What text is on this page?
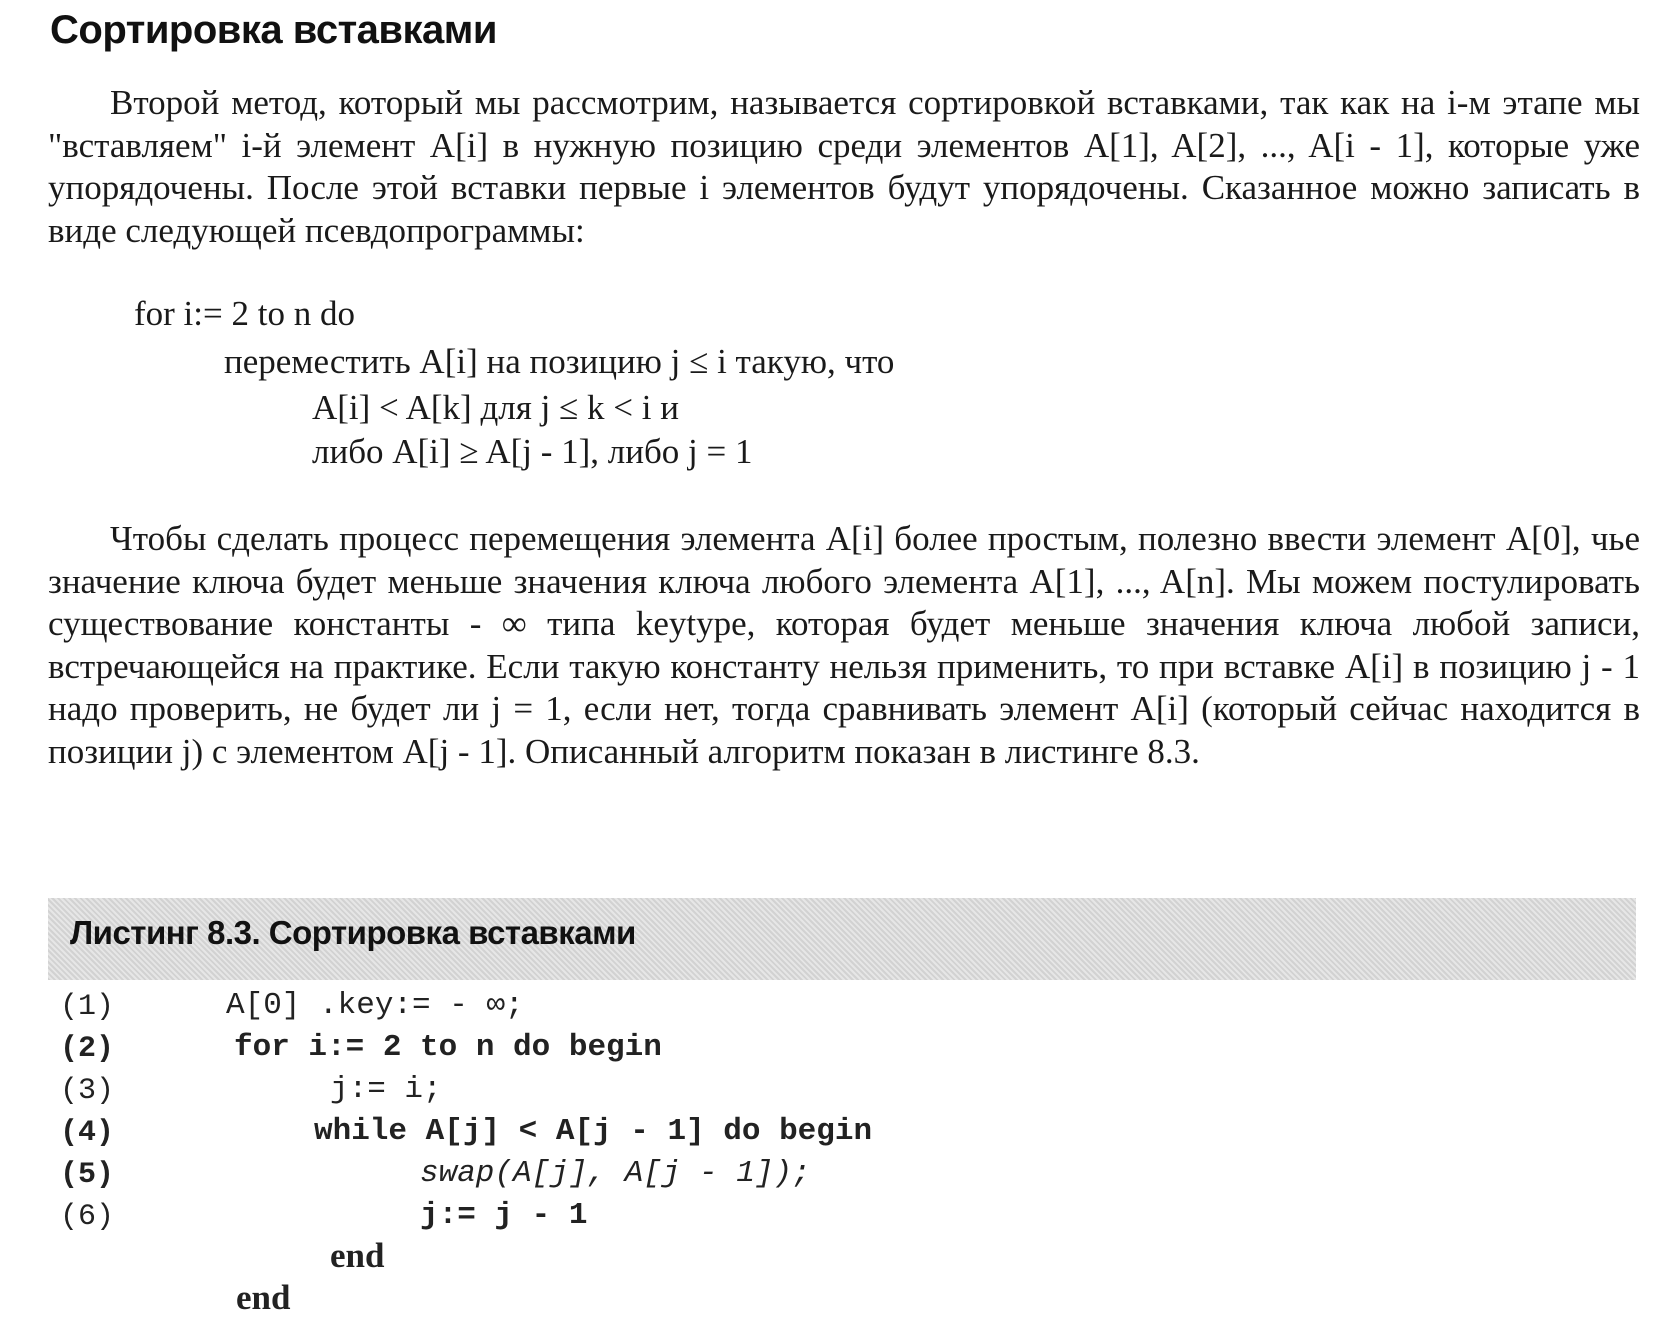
Сортировка вставками

Второй метод, который мы рассмотрим, называется сортировкой вставками, так как на i-м этапе мы "вставляем" i-й элемент A[i] в нужную позицию среди элементов A[1], A[2], ..., A[i - 1], которые уже упорядочены. После этой вставки первые i элементов будут упорядочены. Сказанное можно записать в виде следующей псевдопрограммы:

for i:= 2 to n do
переместить A[i] на позицию j ≤ i такую, что
A[i] < A[k] для j ≤ k < i и
либо A[i] ≥ A[j - 1], либо j = 1

Чтобы сделать процесс перемещения элемента A[i] более простым, полезно ввести элемент A[0], чье значение ключа будет меньше значения ключа любого элемента A[1], ..., A[n]. Мы можем постулировать существование константы - ∞ типа keytype, которая будет меньше значения ключа любой записи, встречающейся на практике. Если такую константу нельзя применить, то при вставке A[i] в позицию j - 1 надо проверить, не будет ли j = 1, если нет, тогда сравнивать элемент A[i] (который сейчас находится в позиции j) с элементом A[j - 1]. Описанный алгоритм показан в листинге 8.3.

Листинг 8.3. Сортировка вставками
(1)
(2)
(3)
(4)
(5)
(6)
A[0] .key:= - ∞;
for i:= 2 to n do begin
j:= i;
while A[j] < A[j - 1] do begin
swap(A[j], A[j - 1]);
j:= j - 1
end
end
